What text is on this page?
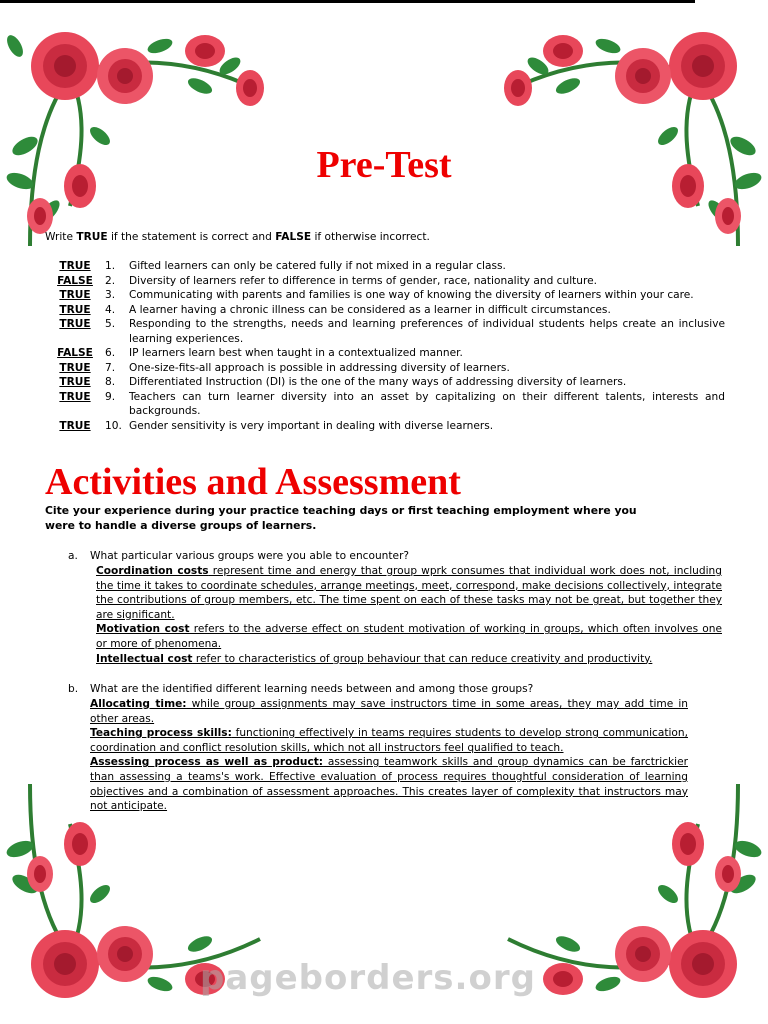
pageborders.org
Pre-Test
Write TRUE if the statement is correct and FALSE if otherwise incorrect.
TRUE	1.	Gifted learners can only be catered fully if not mixed in a regular class.
FALSE	2.	Diversity of learners refer to difference in terms of gender, race, nationality and culture.
TRUE	3.	Communicating with parents and families is one way of knowing the diversity of learners within your care.
TRUE	4.	A learner having a chronic illness can be considered as a learner in difficult circumstances.
TRUE	5.	Responding to the strengths, needs and learning preferences of individual students helps create an inclusive learning experiences.
FALSE	6.	IP learners learn best when taught in a contextualized manner.
TRUE	7.	One-size-fits-all approach is possible in addressing diversity of learners.
TRUE	8.	Differentiated Instruction (DI) is the one of the many ways of addressing diversity of learners.
TRUE	9.	Teachers can turn learner diversity into an asset by capitalizing on their different talents, interests and backgrounds.
TRUE	10. Gender sensitivity is very important in dealing with diverse learners.
Activities and Assessment
Cite your experience during your practice teaching days or first teaching employment where you were to handle a diverse groups of learners.
a. What particular various groups were you able to encounter?

Coordination costs represent time and energy that group wprk consumes that individual work does not, including the time it takes to coordinate schedules, arrange meetings, meet, correspond, make decisions collectively, integrate the contributions of group members, etc. The time spent on each of these tasks may not be great, but together they are significant.

Motivation cost refers to the adverse effect on student motivation of working in groups, which often involves one or more of phenomena.

Intellectual cost refer to characteristics of group behaviour that can reduce creativity and productivity.

b. What are the identified different learning needs between and among those groups?

Allocating time: while group assignments may save instructors time in some areas, they may add time in other areas.

Teaching process skills: functioning effectively in teams requires students to develop strong communication, coordination and conflict resolution skills, which not all instructors feel qualified to teach.

Assessing process as well as product: assessing teamwork skills and group dynamics can be farctrickier than assessing a teams's work. Effective evaluation of process requires thoughtful consideration of learning objectives and a combination of assessment approaches. This creates layer of complexity that instructors may not anticipate.
